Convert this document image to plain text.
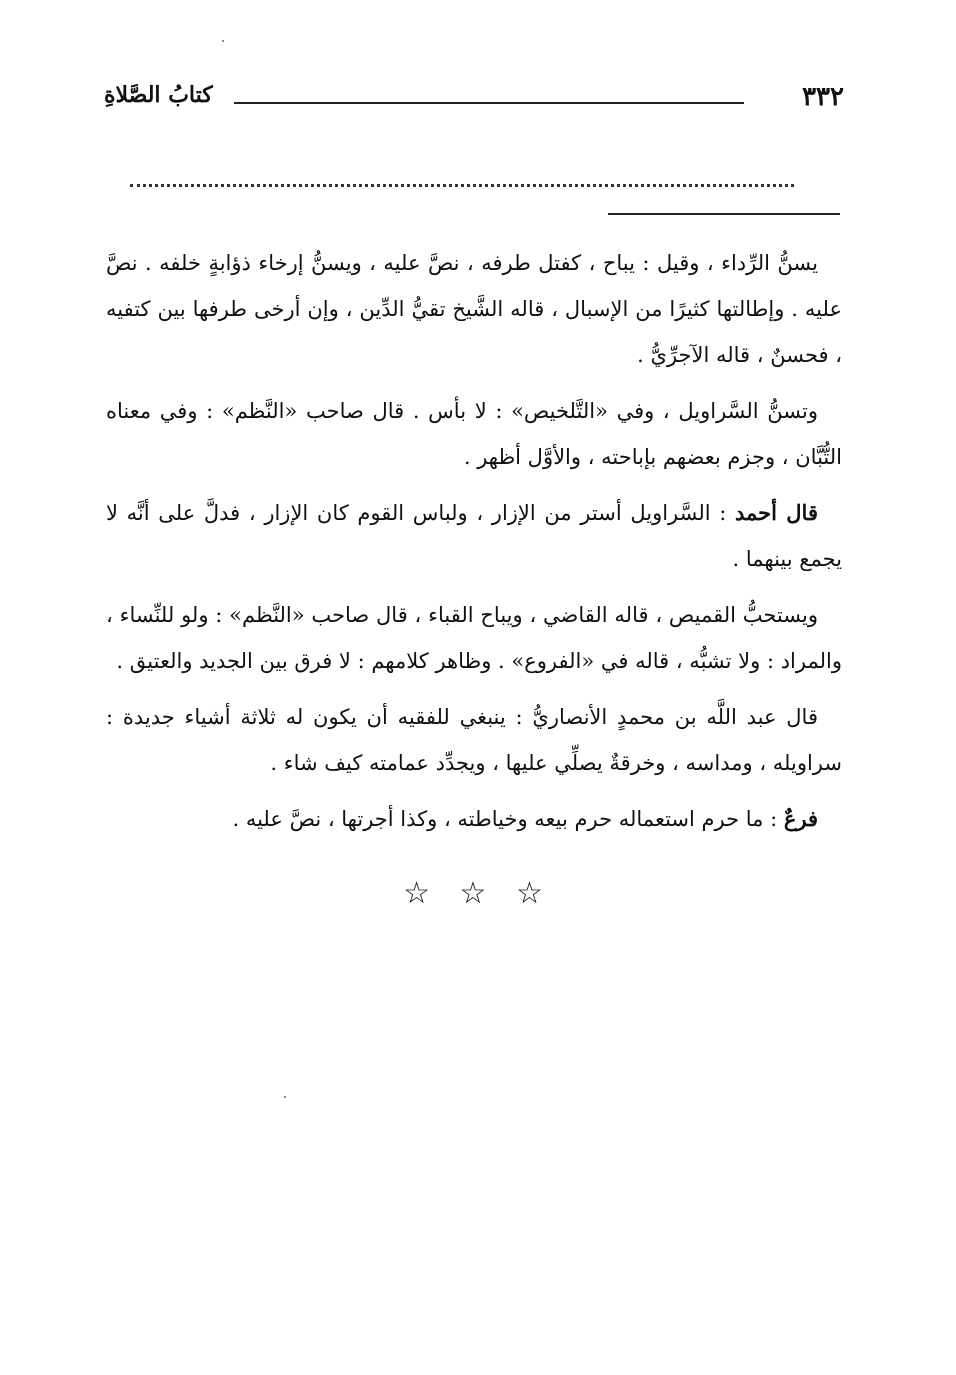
٣٣٢
كتابُ الصَّلاةِ

يسنُّ الرِّداء ، وقيل : يباح ، كفتل طرفه ، نصَّ عليه ، ويسنُّ إرخاء ذؤابةٍ خلفه . نصَّ عليه . وإطالتها كثيرًا من الإسبال ، قاله الشَّيخ تقيُّ الدِّين ، وإن أرخى طرفها بين كتفيه ، فحسنٌ ، قاله الآجرِّيُّ .

وتسنُّ السَّراويل ، وفي «التَّلخيص» : لا بأس . قال صاحب «النَّظم» : وفي معناه التُّبَّان ، وجزم بعضهم بإباحته ، والأوَّل أظهر .

قال أحمد : السَّراويل أستر من الإزار ، ولباس القوم كان الإزار ، فدلَّ على أنَّه لا يجمع بينهما .

ويستحبُّ القميص ، قاله القاضي ، ويباح القباء ، قال صاحب «النَّظم» : ولو للنِّساء ، والمراد : ولا تشبُّه ، قاله في «الفروع» . وظاهر كلامهم : لا فرق بين الجديد والعتيق .

قال عبد اللَّه بن محمدٍ الأنصاريُّ : ينبغي للفقيه أن يكون له ثلاثة أشياء جديدة : سراويله ، ومداسه ، وخرقةٌ يصلِّي عليها ، ويجدِّد عمامته كيف شاء .

فرعٌ : ما حرم استعماله حرم بيعه وخياطته ، وكذا أجرتها ، نصَّ عليه .

☆ ☆ ☆
